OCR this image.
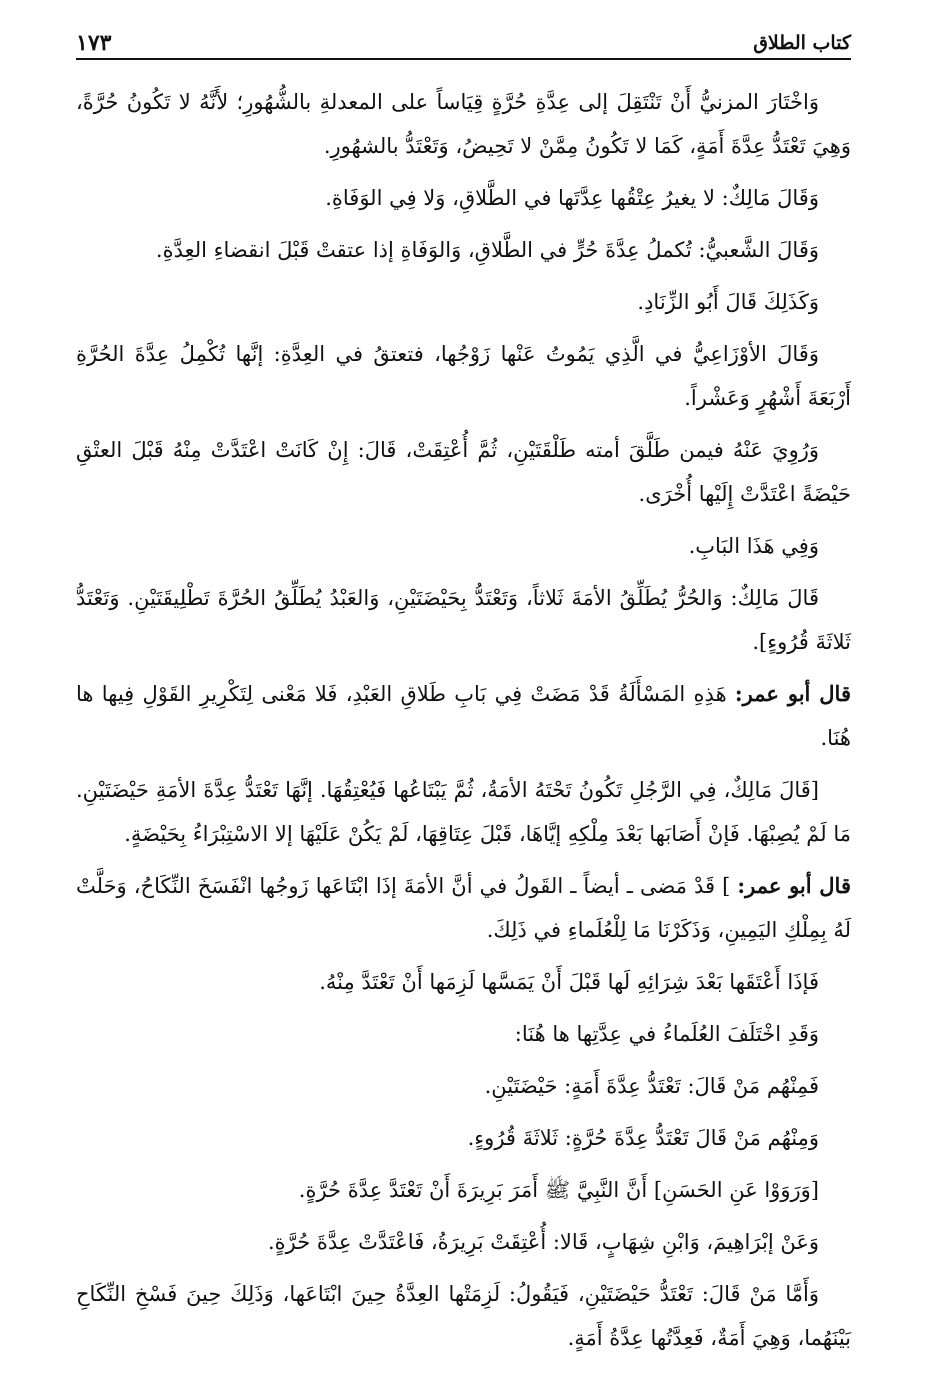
كتاب الطلاق
١٧٣

وَاخْتَارَ المزنيُّ أَنْ تَنْتَقِلَ إلى عِدَّةِ حُرَّةٍ قِيَاساً على المعدلةِ بالشُّهُورِ؛ لأَنَّهُ لا تَكُونُ حُرَّةً، وَهِيَ تَعْتَدُّ عِدَّةَ أَمَةٍ، كَمَا لا تَكُونُ مِمَّنْ لا تَحِيضُ، وَتَعْتَدُّ بالشهُورِ.

وَقَالَ مَالِكٌ: لا يغيرُ عِتْقُها عِدَّتَها في الطَّلاقِ، وَلا فِي الوَفَاةِ.

وَقَالَ الشَّعبيُّ: تُكملُ عِدَّةَ حُرٍّ في الطَّلاقِ، وَالوَفَاةِ إذا عتقتْ قَبْلَ انقضاءِ العِدَّةِ.

وَكَذَلِكَ قَالَ أَبُو الزِّنَادِ.

وَقَالَ الأوْزَاعِيُّ في الَّذِي يَمُوتُ عَنْها زَوْجُها، فتعتقُ في العِدَّةِ: إنَّها تُكْمِلُ عِدَّةَ الحُرَّةِ أَرْبَعَةَ أَشْهُرٍ وَعَشْراً.

وَرُوِيَ عَنْهُ فيمن طَلَّقَ أمته طَلْقَتَيْنِ، ثُمَّ أُعْتِقَتْ، قَالَ: إِنْ كَانَتْ اعْتَدَّتْ مِنْهُ قَبْلَ العتْقِ حَيْضَةً اعْتَدَّتْ إِلَيْها أُخْرَى.

وَفِي هَذَا البَابِ.

قَالَ مَالِكٌ: وَالحُرُّ يُطَلِّقُ الأمَةَ ثَلاثاً، وَتَعْتَدُّ بِحَيْضَتَيْنِ، وَالعَبْدُ يُطَلِّقُ الحُرَّةَ تَطْلِيقَتَيْنِ. وَتَعْتَدُّ ثَلاثَةَ قُرُوءٍ].

قال أبو عمر: هَذِهِ المَسْأَلَةُ قَدْ مَضَتْ فِي بَابِ طَلاقِ العَبْدِ، فَلا مَعْنى لِتَكْرِيرِ القَوْلِ فِيها ها هُنَا.

[قَالَ مَالِكٌ، فِي الرَّجُلِ تَكُونُ تَحْتَهُ الأمَةُ، ثُمَّ يَبْتَاعُها فَيُعْتِقُهَا. إنَّهَا تَعْتَدُّ عِدَّةَ الأمَةِ حَيْضَتَيْنِ. مَا لَمْ يُصِبْهَا. فَإنْ أَصَابَها بَعْدَ مِلْكِهِ إيَّاهَا، قَبْلَ عِتَاقِهَا، لَمْ يَكُنْ عَلَيْهَا إلا الاسْتِبْرَاءُ بِحَيْضَةٍ.

قال أبو عمر: ] قَدْ مَضى ـ أيضاً ـ القَولُ في أنَّ الأمَةَ إذَا ابْتَاعَها زَوجُها انْفَسَخَ النِّكَاحُ، وَحَلَّتْ لَهُ بِمِلْكِ اليَمِينِ، وَذَكَرْنَا مَا لِلْعُلَماءِ في ذَلِكَ.

فَإذَا أَعْتَقَها بَعْدَ شِرَائِهِ لَها قَبْلَ أَنْ يَمَسَّها لَزِمَها أَنْ تَعْتَدَّ مِنْهُ.

وَقَدِ اخْتَلَفَ العُلَماءُ في عِدَّتِها ها هُنَا:

فَمِنْهُم مَنْ قَالَ: تَعْتَدُّ عِدَّةَ أَمَةٍ: حَيْضَتَيْنِ.

وَمِنْهُم مَنْ قَالَ تَعْتَدُّ عِدَّةَ حُرَّةٍ: ثَلاثَةَ قُرُوءٍ.

[وَرَوَوْا عَنِ الحَسَنِ] أَنَّ النَّبِيَّ ﷺ أَمَرَ بَرِيرَةَ أَنْ تَعْتَدَّ عِدَّةَ حُرَّةٍ.

وَعَنْ إبْرَاهِيمَ، وَابْنِ شِهَابٍ، قَالا: أُعْتِقَتْ بَرِيرَةُ، فَاعْتَدَّتْ عِدَّةَ حُرَّةٍ.

وَأَمَّا مَنْ قَالَ: تَعْتَدُّ حَيْضَتَيْنِ، فَيَقُولُ: لَزِمَتْها العِدَّةُ حِينَ ابْتَاعَها، وَذَلِكَ حِينَ فَسْخِ النِّكَاحِ بَيْنَهُما، وَهِيَ أَمَةٌ، فَعِدَّتُها عِدَّةُ أَمَةٍ.
